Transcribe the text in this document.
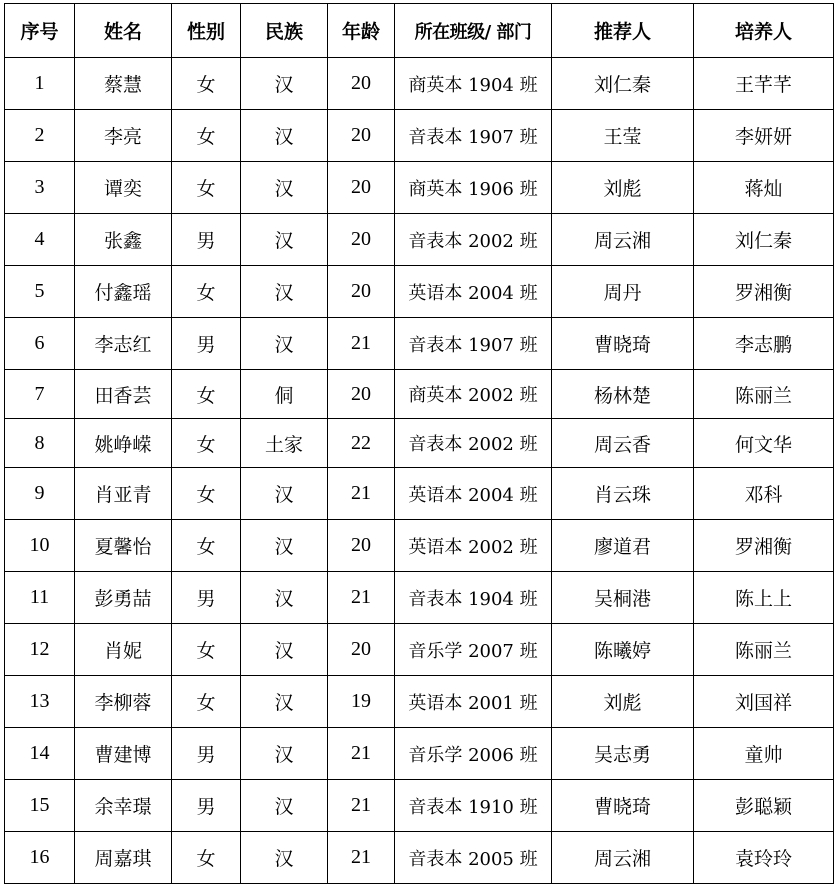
序号	姓名	性别	民族	年龄	所在班级/ 部门	推荐人	培养人
1	蔡慧	女	汉	20	商英本 1904 班	刘仁秦	王芊芊
2	李亮	女	汉	20	音表本 1907 班	王莹	李妍妍
3	谭奕	女	汉	20	商英本 1906 班	刘彪	蒋灿
4	张鑫	男	汉	20	音表本 2002 班	周云湘	刘仁秦
5	付鑫瑶	女	汉	20	英语本 2004 班	周丹	罗湘衡
6	李志红	男	汉	21	音表本 1907 班	曹晓琦	李志鹏
7	田香芸	女	侗	20	商英本 2002 班	杨林楚	陈丽兰
8	姚峥嵘	女	土家	22	音表本 2002 班	周云香	何文华
9	肖亚青	女	汉	21	英语本 2004 班	肖云珠	邓科
10	夏馨怡	女	汉	20	英语本 2002 班	廖道君	罗湘衡
11	彭勇喆	男	汉	21	音表本 1904 班	吴桐港	陈上上
12	肖妮	女	汉	20	音乐学 2007 班	陈曦婷	陈丽兰
13	李柳蓉	女	汉	19	英语本 2001 班	刘彪	刘国祥
14	曹建博	男	汉	21	音乐学 2006 班	吴志勇	童帅
15	余幸璟	男	汉	21	音表本 1910 班	曹晓琦	彭聪颖
16	周嘉琪	女	汉	21	音表本 2005 班	周云湘	袁玲玲
